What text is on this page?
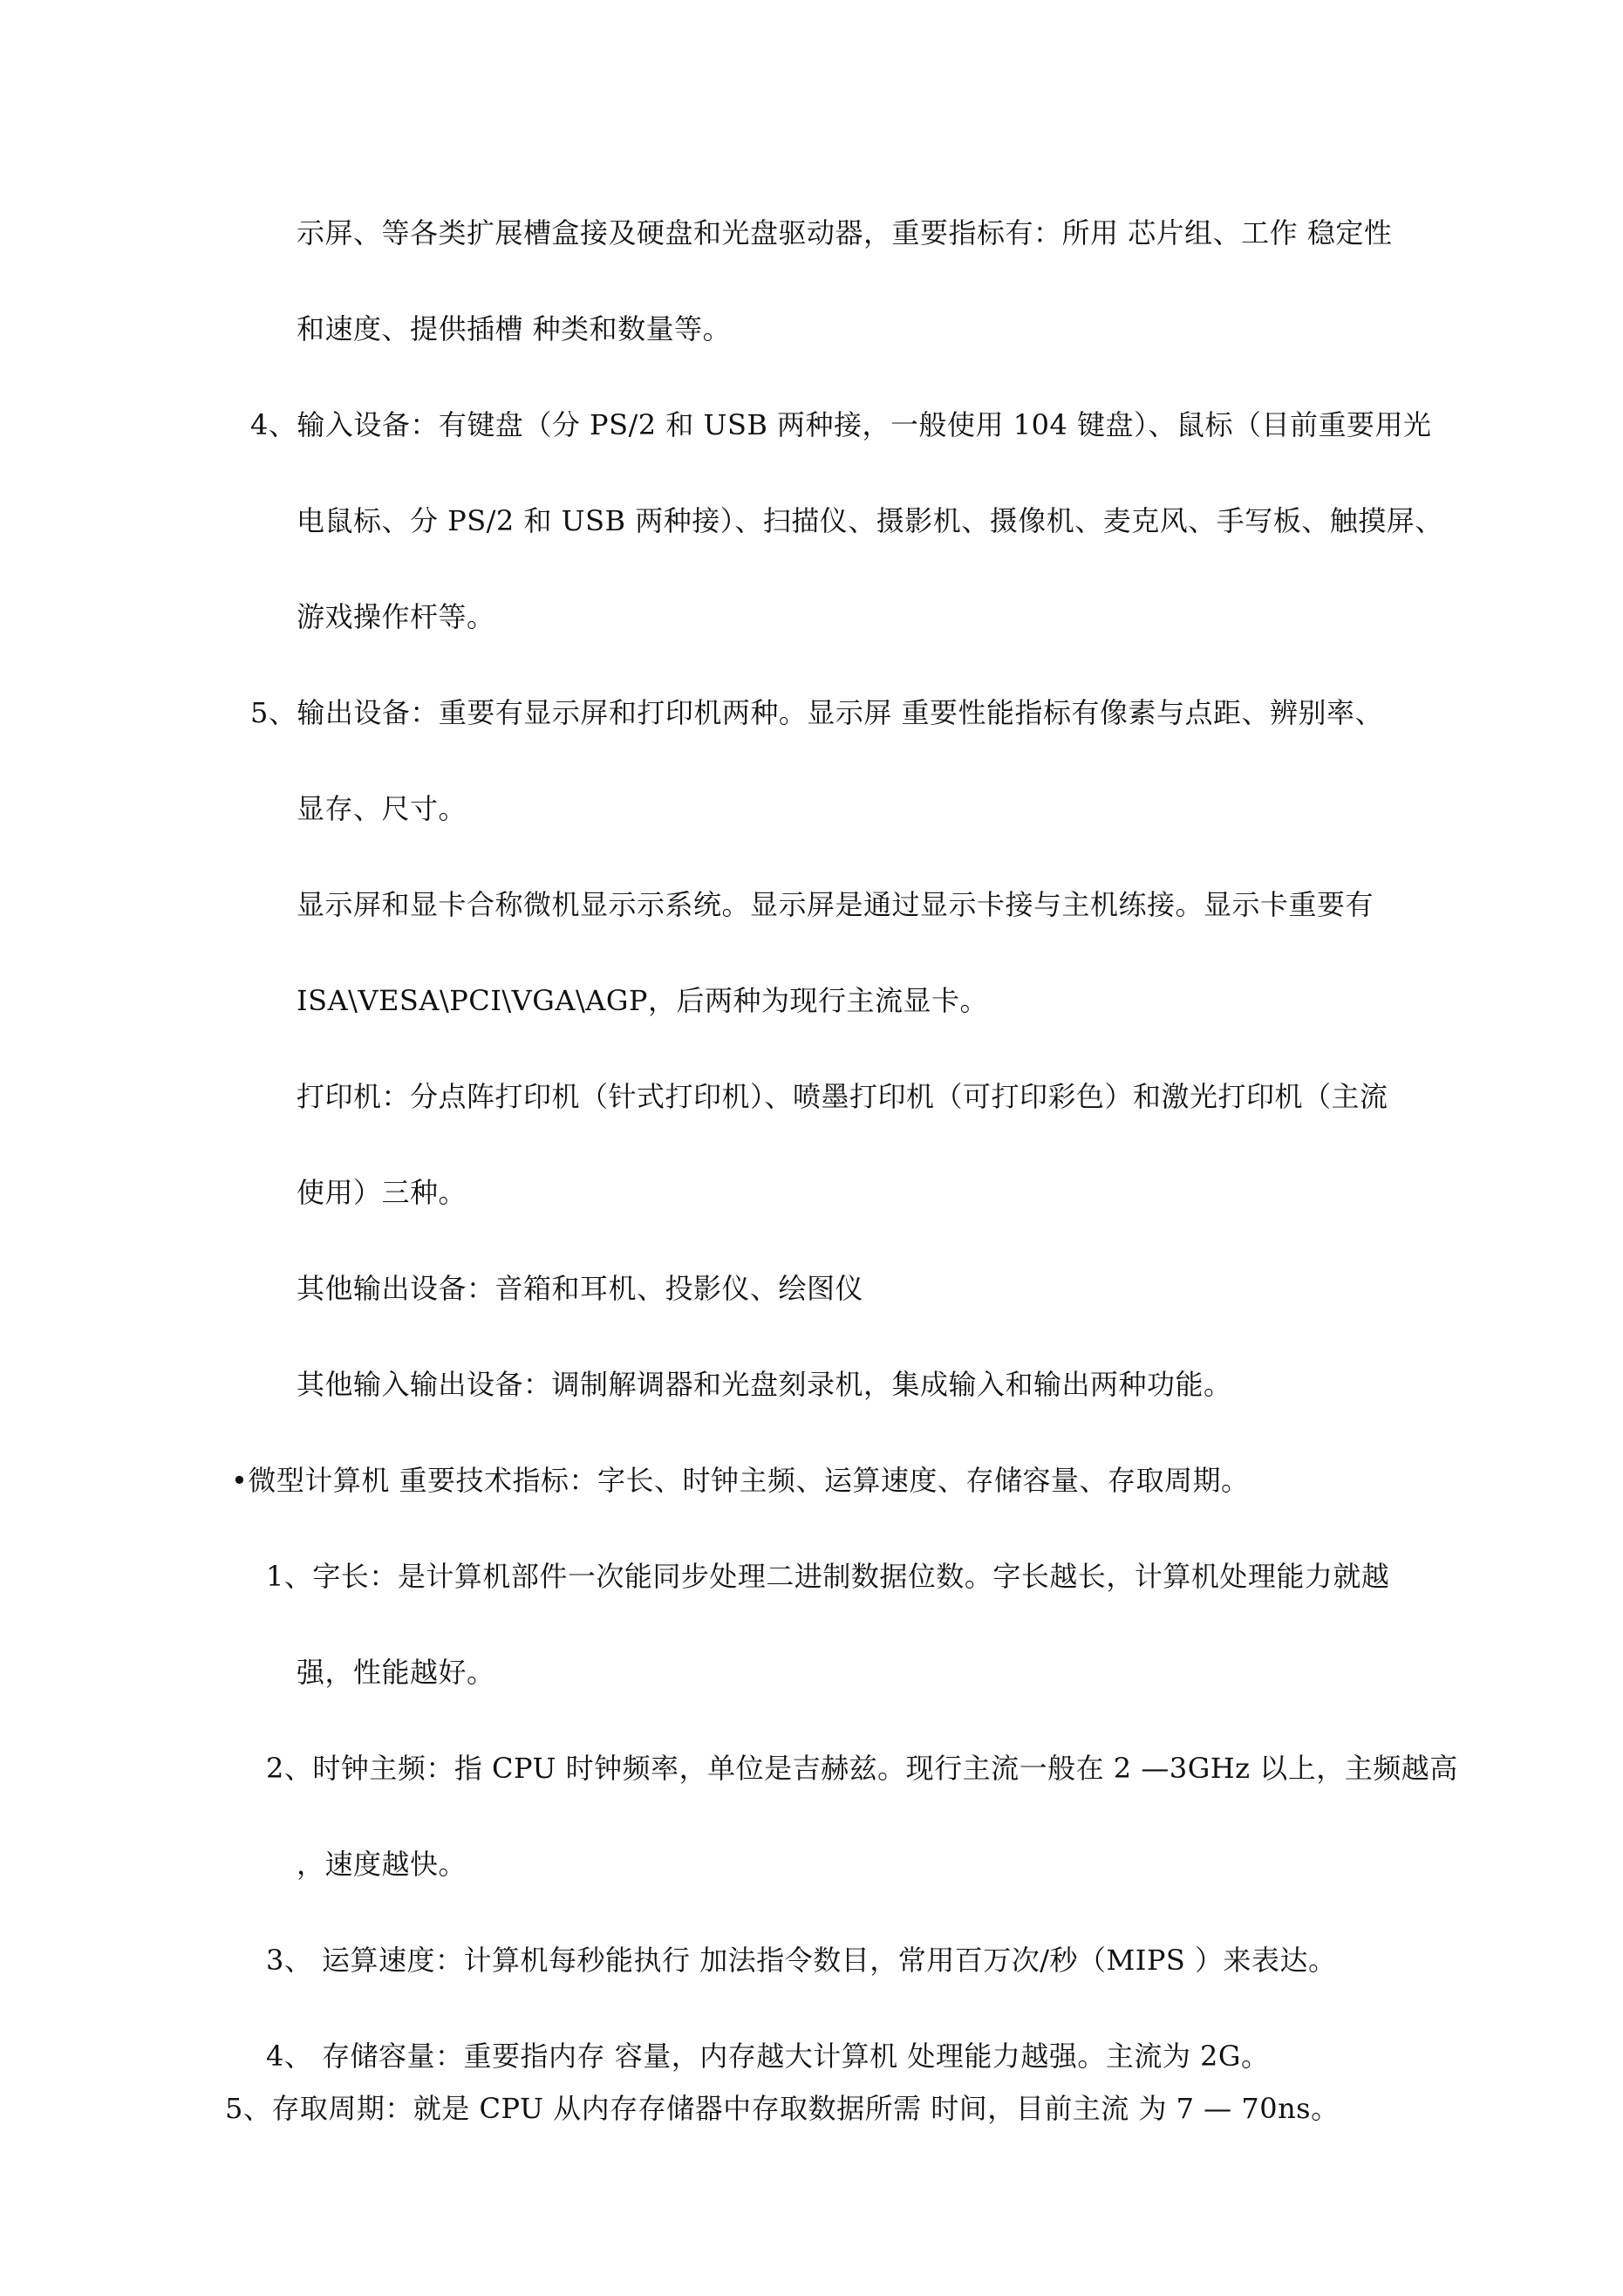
示屏、等各类扩展槽盒接及硬盘和光盘驱动器，重要指标有：所用 芯片组、工作 稳定性
和速度、提供插槽 种类和数量等。
4、输入设备：有键盘（分 PS/2 和 USB 两种接，一般使用 104 键盘）、鼠标（目前重要用光
电鼠标、分 PS/2 和 USB 两种接）、扫描仪、摄影机、摄像机、麦克风、手写板、触摸屏、
游戏操作杆等。
5、输出设备：重要有显示屏和打印机两种。显示屏 重要性能指标有像素与点距、辨别率、
显存、尺寸。
显示屏和显卡合称微机显示示系统。显示屏是通过显示卡接与主机练接。显示卡重要有
ISA\VESA\PCI\VGA\AGP，后两种为现行主流显卡。
打印机：分点阵打印机（针式打印机）、喷墨打印机（可打印彩色）和激光打印机（主流
使用）三种。
其他输出设备：音箱和耳机、投影仪、绘图仪
其他输入输出设备：调制解调器和光盘刻录机，集成输入和输出两种功能。
•微型计算机 重要技术指标：字长、时钟主频、运算速度、存储容量、存取周期。
1、字长：是计算机部件一次能同步处理二进制数据位数。字长越长，计算机处理能力就越
强，性能越好。
2、时钟主频：指 CPU 时钟频率，单位是吉赫兹。现行主流一般在 2 —3GHz 以上，主频越高
，速度越快。
3、 运算速度：计算机每秒能执行 加法指令数目，常用百万次/秒（MIPS ）来表达。
4、 存储容量：重要指内存 容量，内存越大计算机 处理能力越强。主流为 2G。
5、存取周期：就是 CPU 从内存存储器中存取数据所需 时间，目前主流 为 7 — 70ns。
